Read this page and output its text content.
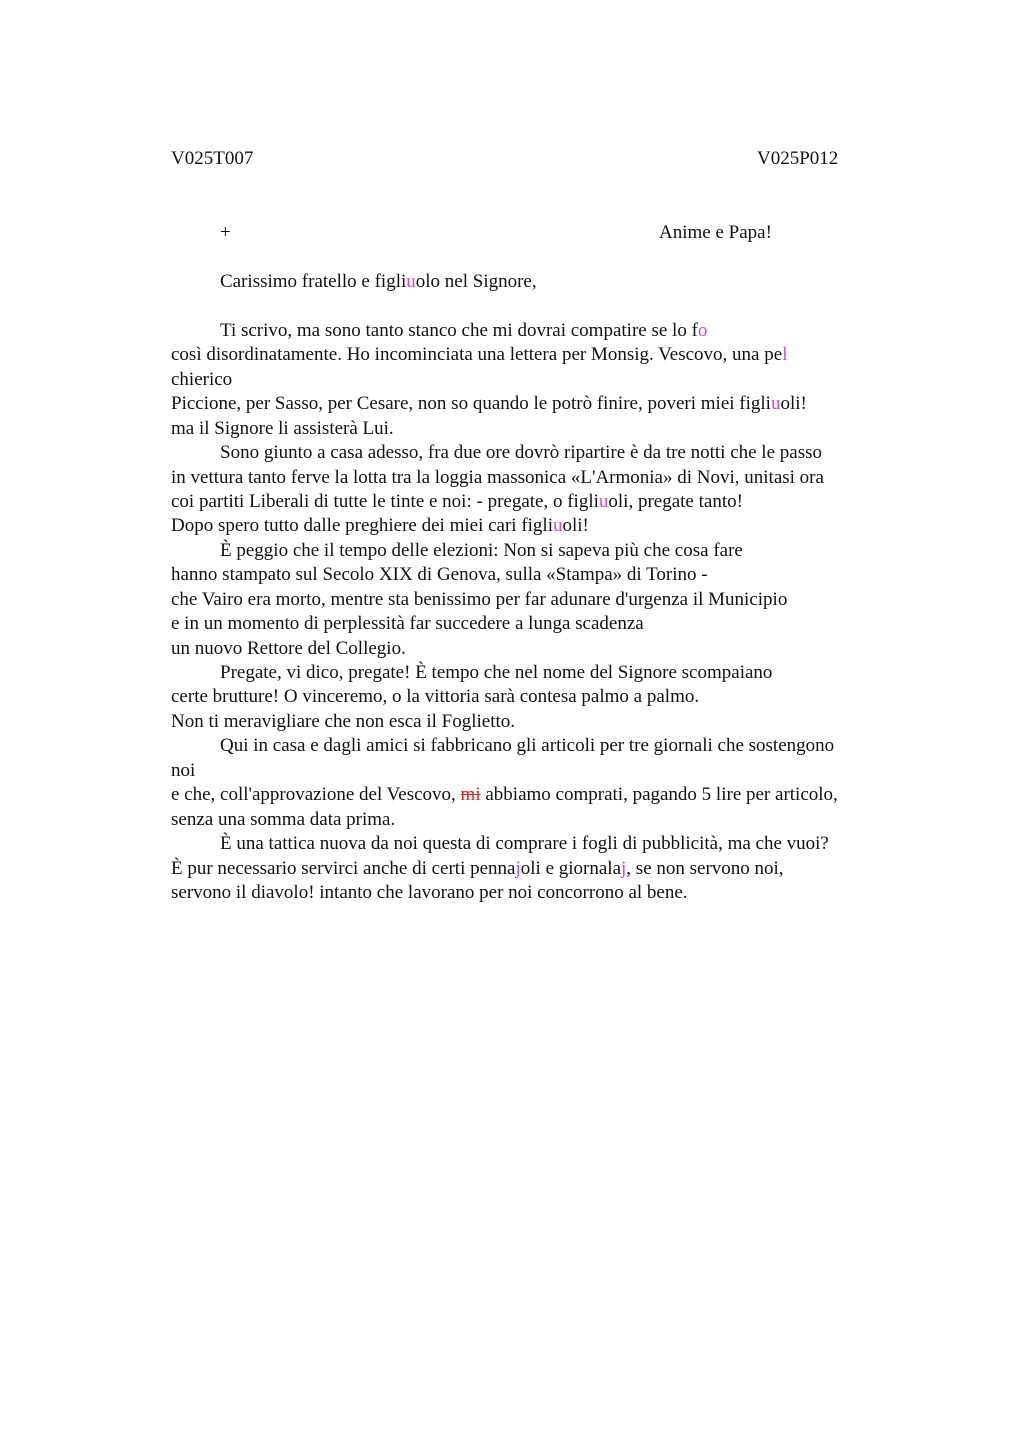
V025T007	V025P012
+	Anime e Papa!
Carissimo fratello e figliuolo nel Signore,
Ti scrivo, ma sono tanto stanco che mi dovrai compatire se lo fo
così disordinatamente. Ho incominciata una lettera per Monsig. Vescovo, una pel
chierico
Piccione, per Sasso, per Cesare, non so quando le potrò finire, poveri miei figliuoli!
ma il Signore li assisterà Lui.
Sono giunto a casa adesso, fra due ore dovrò ripartire è da tre notti che le passo
in vettura tanto ferve la lotta tra la loggia massonica «L'Armonia» di Novi, unitasi ora
coi partiti Liberali di tutte le tinte e noi: - pregate, o figliuoli, pregate tanto!
Dopo spero tutto dalle preghiere dei miei cari figliuoli!
È peggio che il tempo delle elezioni: Non si sapeva più che cosa fare
hanno stampato sul Secolo XIX di Genova, sulla «Stampa» di Torino -
che Vairo era morto, mentre sta benissimo per far adunare d'urgenza il Municipio
e in un momento di perplessità far succedere a lunga scadenza
un nuovo Rettore del Collegio.
Pregate, vi dico, pregate! È tempo che nel nome del Signore scompaiano
certe brutture! O vinceremo, o la vittoria sarà contesa palmo a palmo.
Non ti meravigliare che non esca il Foglietto.
Qui in casa e dagli amici si fabbricano gli articoli per tre giornali che sostengono
noi
e che, coll'approvazione del Vescovo, mi abbiamo comprati, pagando 5 lire per articolo,
senza una somma data prima.
È una tattica nuova da noi questa di comprare i fogli di pubblicità, ma che vuoi?
È pur necessario servirci anche di certi pennajoli e giornalaj, se non servono noi,
servono il diavolo! intanto che lavorano per noi concorrono al bene.
